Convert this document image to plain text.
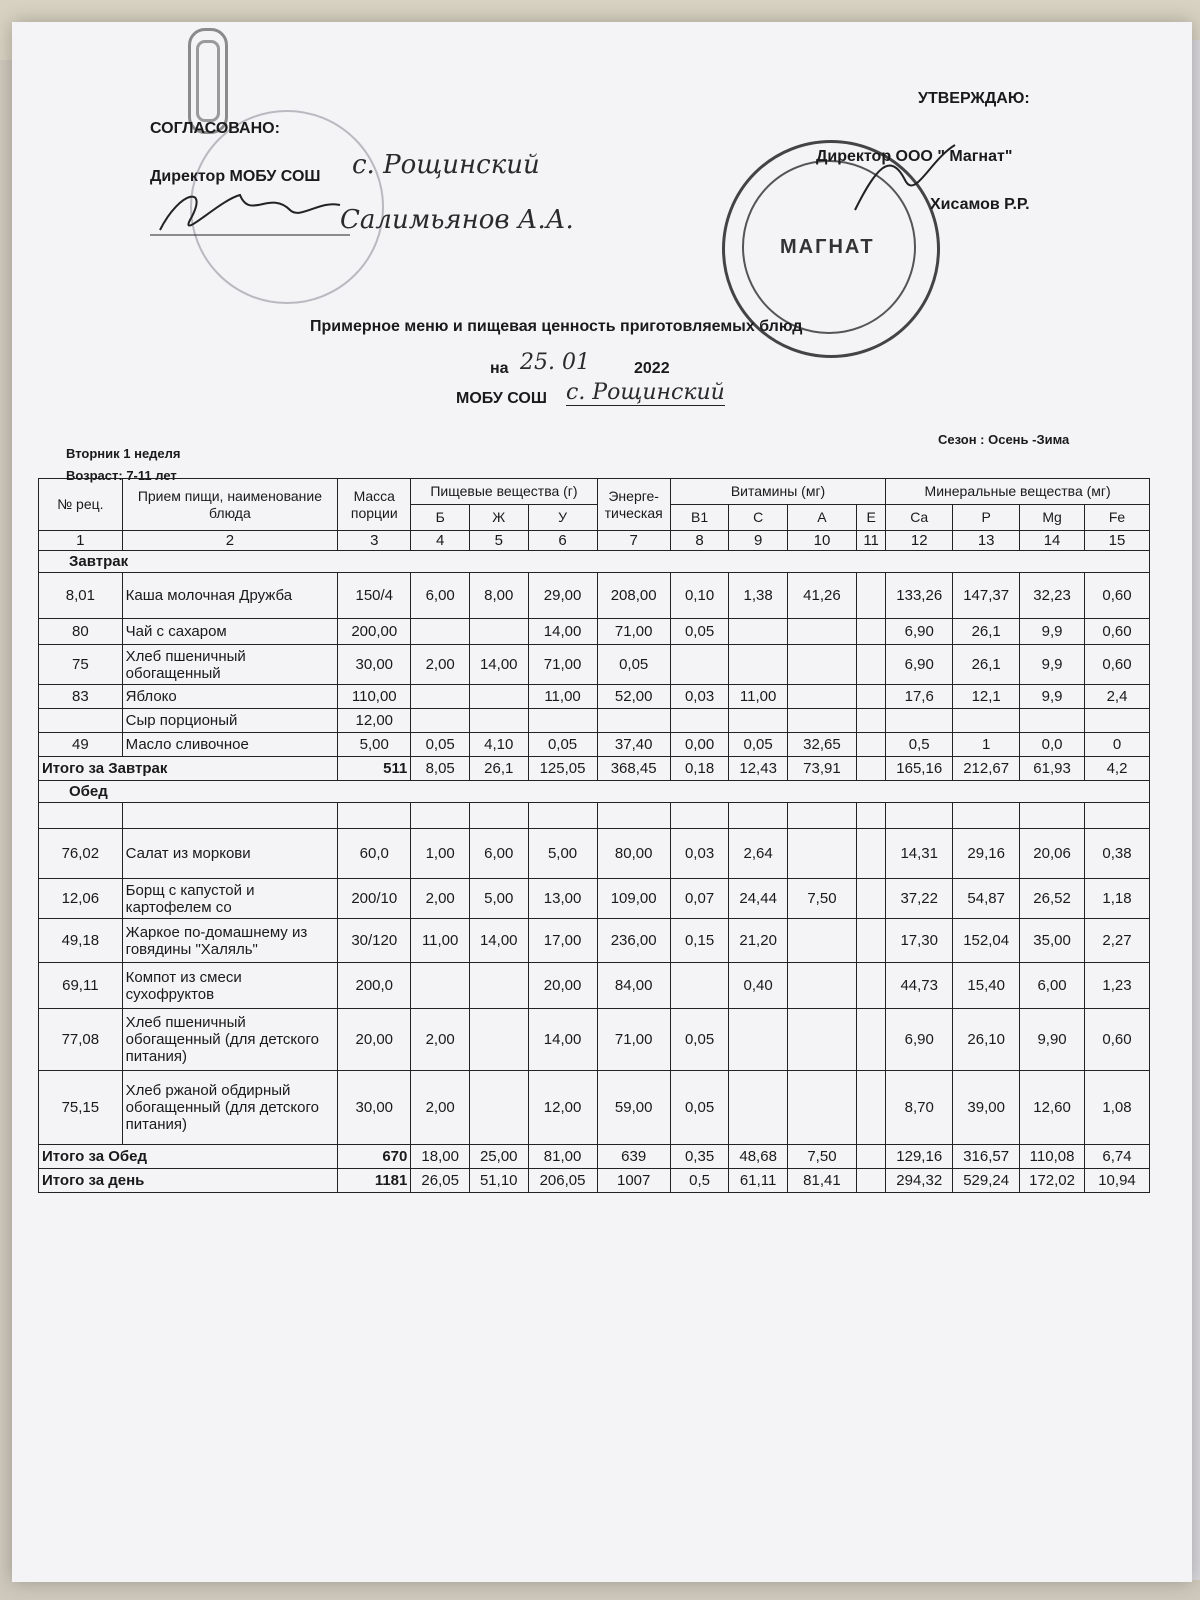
СОГЛАСОВАНО:
Директор МОБУ СОШ с. Рощинский
Салимьянов А.А.
УТВЕРЖДАЮ:
МАГНАТ
Директор ООО " Магнат"
Хисамов Р.Р.
Примерное меню и пищевая ценность приготовляемых блюд
на 25. 01	2022
МОБУ СОШ с. Рощинский
Вторник 1 неделя
Сезон : Осень -Зима
Возраст: 7-11 лет
№ рец.	Прием пищи, наименование блюда	Масса порции	Пищевые вещества (г)			Энерге-тическая	Витамины (мг)				Минеральные вещества (мг)			
			Б	Ж	У		B1	C	A	E	Ca	P	Mg	Fe
1	2	3	4	5	6	7	8	9	10	11	12	13	14	15
Завтрак														
8,01	Каша молочная Дружба	150/4	6,00	8,00	29,00	208,00	0,10	1,38	41,26		133,26	147,37	32,23	0,60
80	Чай с сахаром	200,00			14,00	71,00	0,05				6,90	26,1	9,9	0,60
75	Хлеб пшеничный обогащенный	30,00	2,00	14,00	71,00	0,05					6,90	26,1	9,9	0,60
83	Яблоко	110,00			11,00	52,00	0,03	11,00			17,6	12,1	9,9	2,4
	Сыр порционый	12,00												
49	Масло сливочное	5,00	0,05	4,10	0,05	37,40	0,00	0,05	32,65		0,5	1	0,0	0
Итого за Завтрак		511	8,05	26,1	125,05	368,45	0,18	12,43	73,91		165,16	212,67	61,93	4,2
Обед														

76,02	Салат из моркови	60,0	1,00	6,00	5,00	80,00	0,03	2,64			14,31	29,16	20,06	0,38
12,06	Борщ с капустой и картофелем со	200/10	2,00	5,00	13,00	109,00	0,07	24,44	7,50		37,22	54,87	26,52	1,18
49,18	Жаркое по-домашнему из говядины "Халяль"	30/120	11,00	14,00	17,00	236,00	0,15	21,20			17,30	152,04	35,00	2,27
69,11	Компот из смеси сухофруктов	200,0			20,00	84,00		0,40			44,73	15,40	6,00	1,23
77,08	Хлеб пшеничный обогащенный (для детского питания)	20,00	2,00		14,00	71,00	0,05				6,90	26,10	9,90	0,60
75,15	Хлеб ржаной обдирный обогащенный (для детского питания)	30,00	2,00		12,00	59,00	0,05				8,70	39,00	12,60	1,08
Итого за Обед		670	18,00	25,00	81,00	639	0,35	48,68	7,50		129,16	316,57	110,08	6,74
Итого за день		1181	26,05	51,10	206,05	1007	0,5	61,11	81,41		294,32	529,24	172,02	10,94
